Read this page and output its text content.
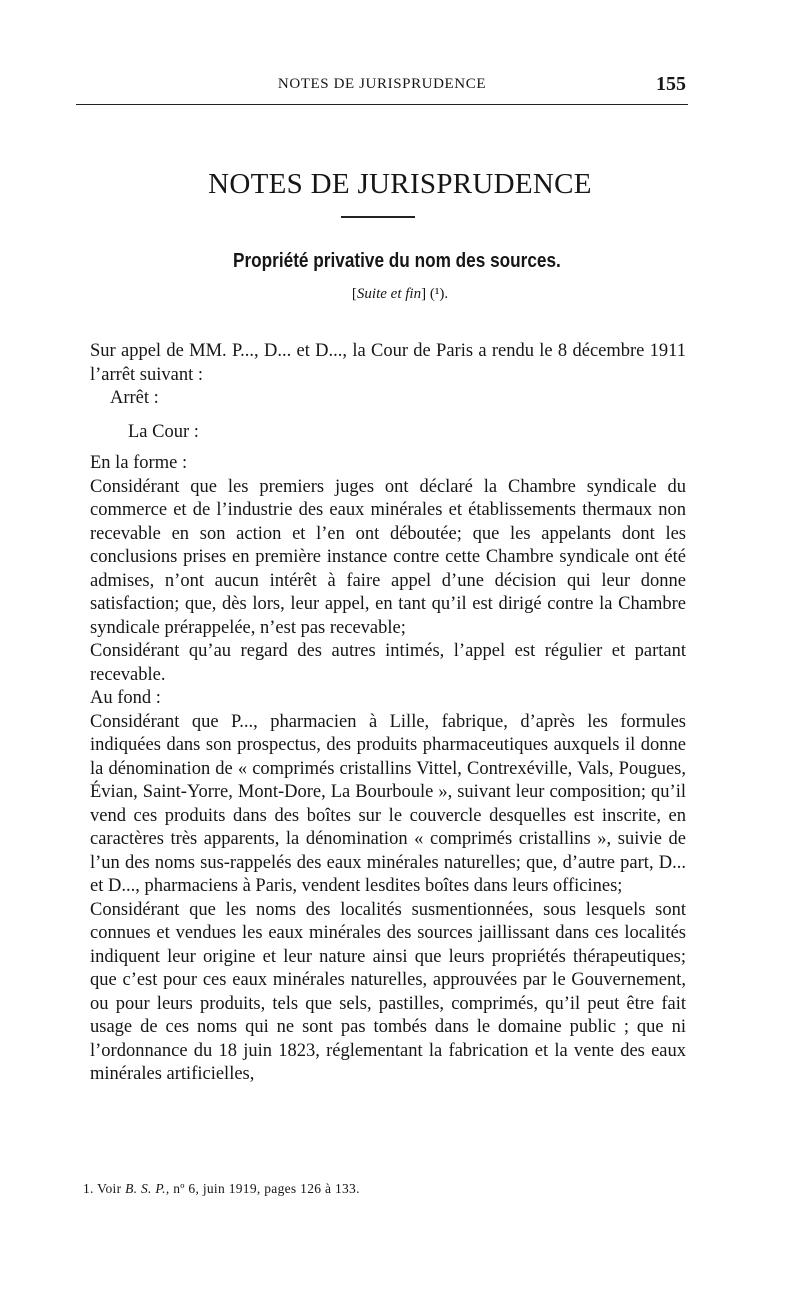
NOTES DE JURISPRUDENCE	155
NOTES DE JURISPRUDENCE
Propriété privative du nom des sources.
[Suite et fin] (¹).

Sur appel de MM. P..., D... et D..., la Cour de Paris a rendu le 8 décembre 1911 l’arrêt suivant :

Arrêt :

La Cour :

En la forme :

Considérant que les premiers juges ont déclaré la Chambre syndicale du commerce et de l’industrie des eaux minérales et établissements thermaux non recevable en son action et l’en ont déboutée; que les appelants dont les conclusions prises en première instance contre cette Chambre syndicale ont été admises, n’ont aucun intérêt à faire appel d’une décision qui leur donne satisfaction; que, dès lors, leur appel, en tant qu’il est dirigé contre la Chambre syndicale prérappelée, n’est pas recevable;

Considérant qu’au regard des autres intimés, l’appel est régulier et partant recevable.

Au fond :

Considérant que P..., pharmacien à Lille, fabrique, d’après les formules indiquées dans son prospectus, des produits pharmaceutiques auxquels il donne la dénomination de « comprimés cristallins Vittel, Contrexéville, Vals, Pougues, Évian, Saint-Yorre, Mont-Dore, La Bourboule », suivant leur composition; qu’il vend ces produits dans des boîtes sur le couvercle desquelles est inscrite, en caractères très apparents, la dénomination « comprimés cristallins », suivie de l’un des noms sus-rappelés des eaux minérales naturelles; que, d’autre part, D... et D..., pharmaciens à Paris, vendent lesdites boîtes dans leurs officines;

Considérant que les noms des localités susmentionnées, sous lesquels sont connues et vendues les eaux minérales des sources jaillissant dans ces localités indiquent leur origine et leur nature ainsi que leurs propriétés thérapeutiques; que c’est pour ces eaux minérales naturelles, approuvées par le Gouvernement, ou pour leurs produits, tels que sels, pastilles, comprimés, qu’il peut être fait usage de ces noms qui ne sont pas tombés dans le domaine public ; que ni l’ordonnance du 18 juin 1823, réglementant la fabrication et la vente des eaux minérales artificielles,

1. Voir B. S. P., nº 6, juin 1919, pages 126 à 133.
